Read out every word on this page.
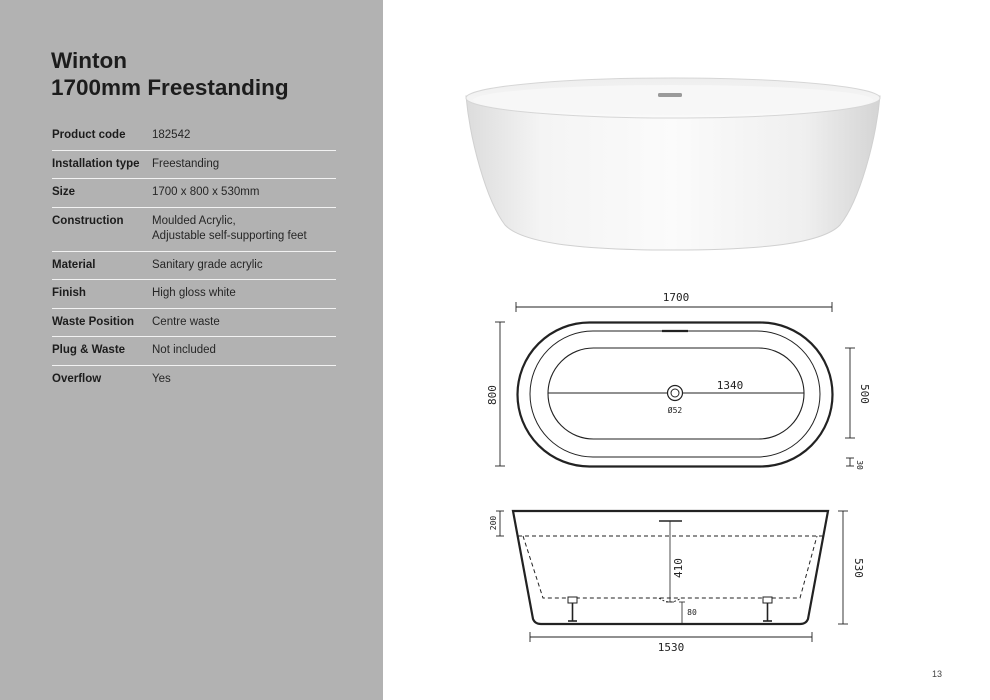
Winton
1700mm Freestanding
Product code	182542
Installation type	Freestanding
Size	1700 x 800 x 530mm
Construction	Moulded Acrylic,
Adjustable self-supporting feet
Material	Sanitary grade acrylic
Finish	High gloss white
Waste Position	Centre waste
Plug & Waste	Not included
Overflow	Yes
1700
1340
Ø52
800	500
30
200
410	530
80
1530
13
